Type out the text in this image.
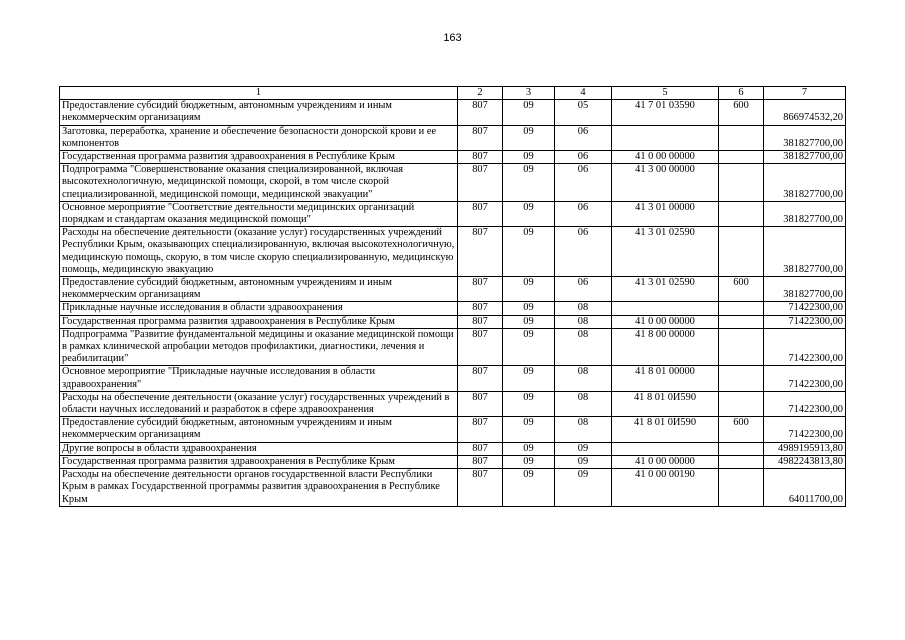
163
1	2	3	4	5	6	7
Предоставление субсидий бюджетным, автономным учреждениям и иным некоммерческим организациям	807	09	05	41 7 01 03590	600	866974532,20
Заготовка, переработка, хранение и обеспечение безопасности донорской крови и ее компонентов	807	09	06			381827700,00
Государственная программа развития здравоохранения в Республике Крым	807	09	06	41 0 00 00000		381827700,00
Подпрограмма "Совершенствование оказания специализированной, включая высокотехнологичную, медицинской помощи, скорой, в том числе скорой специализированной, медицинской помощи, медицинской эвакуации"	807	09	06	41 3 00 00000		381827700,00
Основное мероприятие "Соответствие деятельности медицинских организаций порядкам и стандартам оказания медицинской помощи"	807	09	06	41 3 01 00000		381827700,00
Расходы на обеспечение деятельности (оказание услуг) государственных учреждений Республики Крым, оказывающих специализированную, включая высокотехнологичную, медицинскую помощь, скорую, в том числе скорую специализированную, медицинскую помощь, медицинскую эвакуацию	807	09	06	41 3 01 02590		381827700,00
Предоставление субсидий бюджетным, автономным учреждениям и иным некоммерческим организациям	807	09	06	41 3 01 02590	600	381827700,00
Прикладные научные исследования в области здравоохранения	807	09	08			71422300,00
Государственная программа развития здравоохранения в Республике Крым	807	09	08	41 0 00 00000		71422300,00
Подпрограмма "Развитие фундаментальной медицины и оказание медицинской помощи в рамках клинической апробации методов профилактики, диагностики, лечения и реабилитации"	807	09	08	41 8 00 00000		71422300,00
Основное мероприятие "Прикладные научные исследования в области здравоохранения"	807	09	08	41 8 01 00000		71422300,00
Расходы на обеспечение деятельности (оказание услуг) государственных учреждений в области научных исследований и разработок в сфере здравоохранения	807	09	08	41 8 01 0И590		71422300,00
Предоставление субсидий бюджетным, автономным учреждениям и иным некоммерческим организациям	807	09	08	41 8 01 0И590	600	71422300,00
Другие вопросы в области здравоохранения	807	09	09			4989195913,80
Государственная программа развития здравоохранения в Республике Крым	807	09	09	41 0 00 00000		4982243813,80
Расходы на обеспечение деятельности органов государственной власти Республики Крым в рамках Государственной программы развития здравоохранения в Республике Крым	807	09	09	41 0 00 00190		64011700,00
